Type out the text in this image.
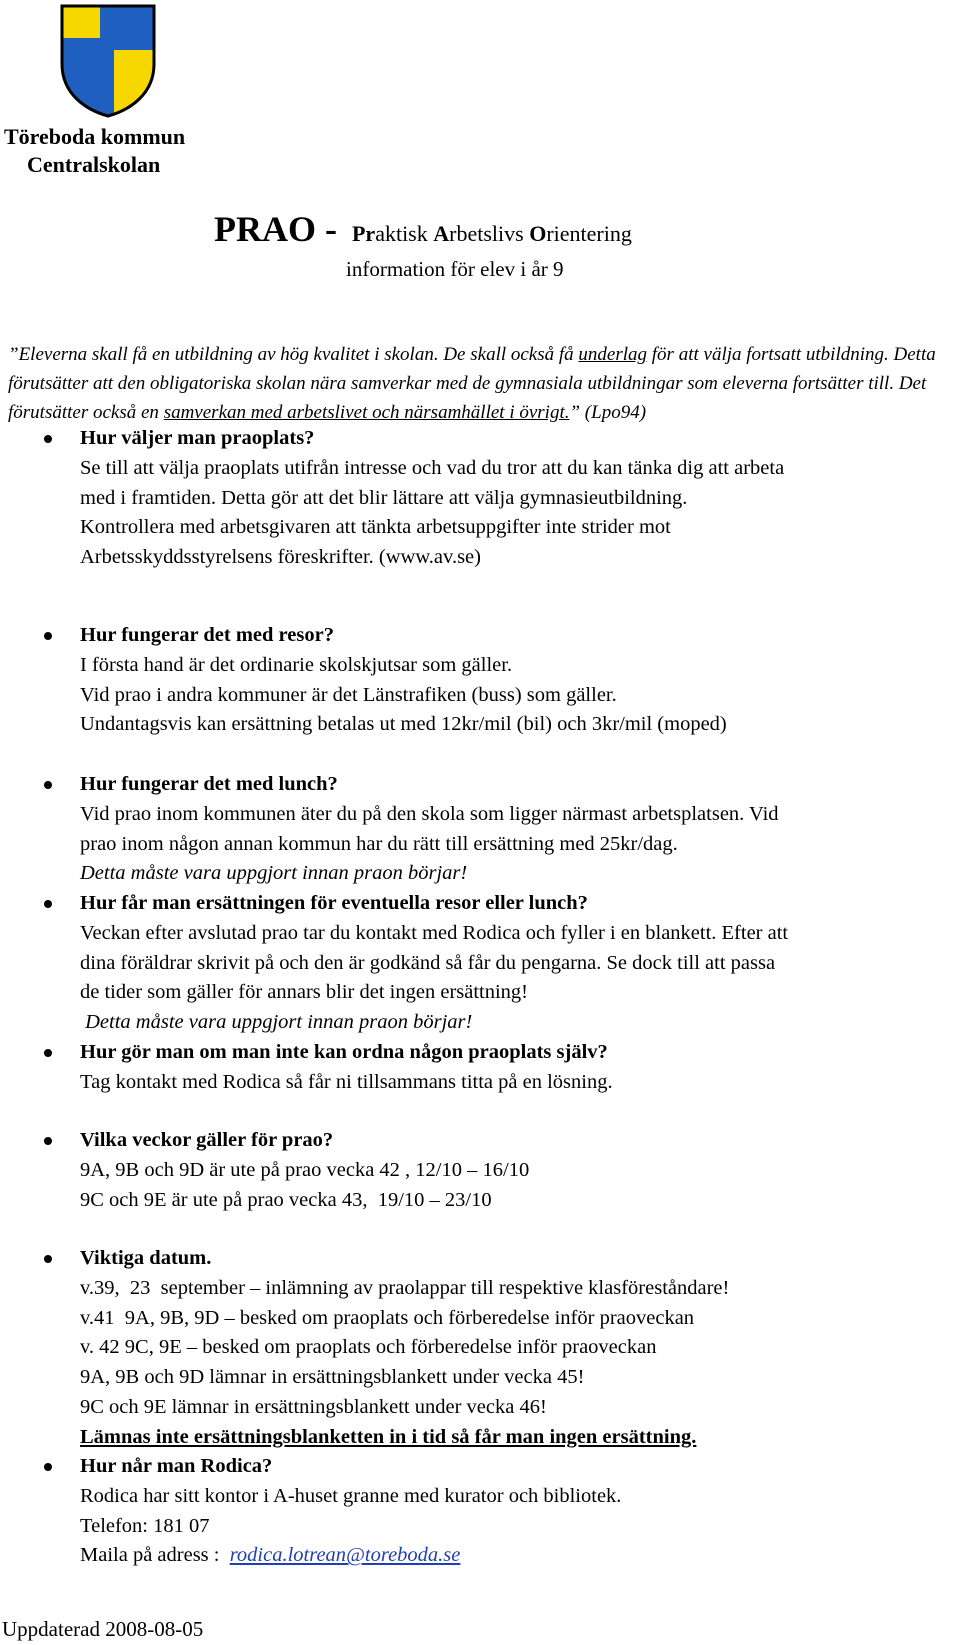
Töreboda kommun
Centralskolan
PRAO - Praktisk Arbetslivs Orientering
information för elev i år 9
”Eleverna skall få en utbildning av hög kvalitet i skolan. De skall också få underlag för att välja fortsatt utbildning. Detta förutsätter att den obligatoriska skolan nära samverkar med de gymnasiala utbildningar som eleverna fortsätter till. Det förutsätter också en samverkan med arbetslivet och närsamhället i övrigt.” (Lpo94)
Hur väljer man praoplats?
Se till att välja praoplats utifrån intresse och vad du tror att du kan tänka dig att arbeta
med i framtiden. Detta gör att det blir lättare att välja gymnasieutbildning.
Kontrollera med arbetsgivaren att tänkta arbetsuppgifter inte strider mot
Arbetsskyddsstyrelsens föreskrifter. (www.av.se)
Hur fungerar det med resor?
I första hand är det ordinarie skolskjutsar som gäller.
Vid prao i andra kommuner är det Länstrafiken (buss) som gäller.
Undantagsvis kan ersättning betalas ut med 12kr/mil (bil) och 3kr/mil (moped)
Hur fungerar det med lunch?
Vid prao inom kommunen äter du på den skola som ligger närmast arbetsplatsen. Vid
prao inom någon annan kommun har du rätt till ersättning med 25kr/dag.
Detta måste vara uppgjort innan praon börjar!
Hur får man ersättningen för eventuella resor eller lunch?
Veckan efter avslutad prao tar du kontakt med Rodica och fyller i en blankett. Efter att
dina föräldrar skrivit på och den är godkänd så får du pengarna. Se dock till att passa
de tider som gäller för annars blir det ingen ersättning!
Detta måste vara uppgjort innan praon börjar!
Hur gör man om man inte kan ordna någon praoplats själv?
Tag kontakt med Rodica så får ni tillsammans titta på en lösning.
Vilka veckor gäller för prao?
9A, 9B och 9D är ute på prao vecka 42 , 12/10 – 16/10
9C och 9E är ute på prao vecka 43,  19/10 – 23/10
Viktiga datum.
v.39,  23  september – inlämning av praolappar till respektive klasföreståndare!
v.41  9A, 9B, 9D – besked om praoplats och förberedelse inför praoveckan
v. 42 9C, 9E – besked om praoplats och förberedelse inför praoveckan
9A, 9B och 9D lämnar in ersättningsblankett under vecka 45!
9C och 9E lämnar in ersättningsblankett under vecka 46!
Lämnas inte ersättningsblanketten in i tid så får man ingen ersättning.
Hur når man Rodica?
Rodica har sitt kontor i A-huset granne med kurator och bibliotek.
Telefon: 181 07
Maila på adress :  rodica.lotrean@toreboda.se
Uppdaterad 2008-08-05
